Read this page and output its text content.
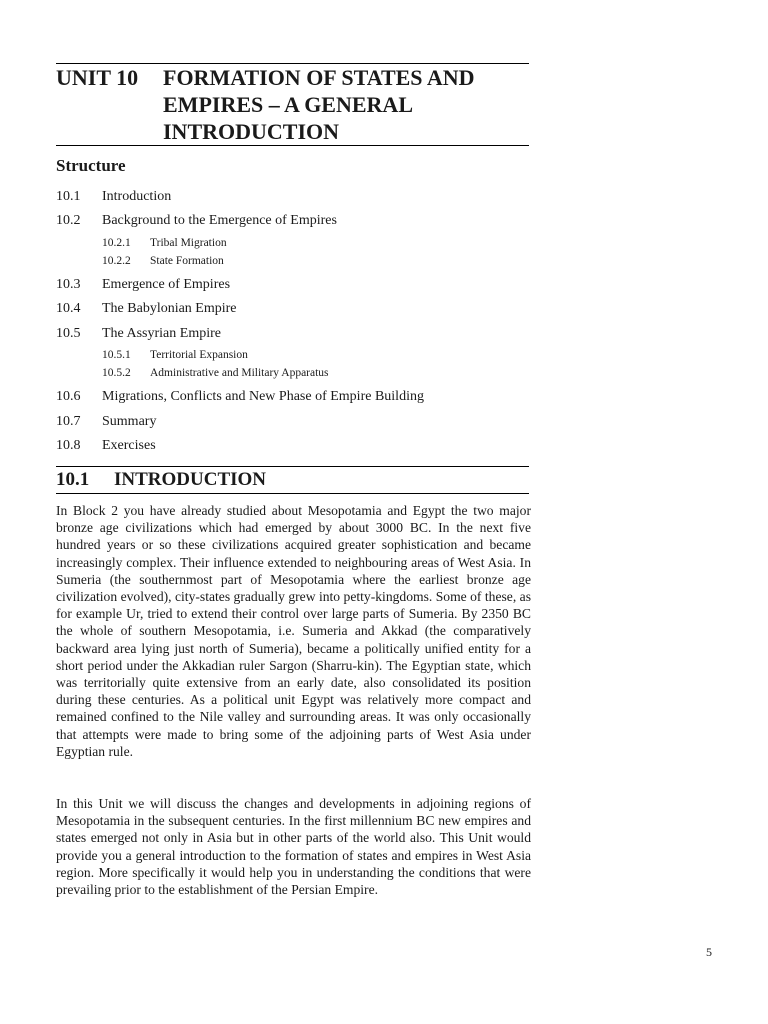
UNIT 10 FORMATION OF STATES AND EMPIRES – A GENERAL INTRODUCTION
Structure
10.1 Introduction
10.2 Background to the Emergence of Empires
10.2.1 Tribal Migration
10.2.2 State Formation
10.3 Emergence of Empires
10.4 The Babylonian Empire
10.5 The Assyrian Empire
10.5.1 Territorial Expansion
10.5.2 Administrative and Military Apparatus
10.6 Migrations, Conflicts and New Phase of Empire Building
10.7 Summary
10.8 Exercises
10.1 INTRODUCTION

In Block 2 you have already studied about Mesopotamia and Egypt the two major bronze age civilizations which had emerged by about 3000 BC. In the next five hundred years or so these civilizations acquired greater sophistication and became increasingly complex. Their influence extended to neighbouring areas of West Asia. In Sumeria (the southernmost part of Mesopotamia where the earliest bronze age civilization evolved), city-states gradually grew into petty-kingdoms. Some of these, as for example Ur, tried to extend their control over large parts of Sumeria. By 2350 BC the whole of southern Mesopotamia, i.e. Sumeria and Akkad (the comparatively backward area lying just north of Sumeria), became a politically unified entity for a short period under the Akkadian ruler Sargon (Sharru-kin). The Egyptian state, which was territorially quite extensive from an early date, also consolidated its position during these centuries. As a political unit Egypt was relatively more compact and remained confined to the Nile valley and surrounding areas. It was only occasionally that attempts were made to bring some of the adjoining parts of West Asia under Egyptian rule.

In this Unit we will discuss the changes and developments in adjoining regions of Mesopotamia in the subsequent centuries. In the first millennium BC new empires and states emerged not only in Asia but in other parts of the world also. This Unit would provide you a general introduction to the formation of states and empires in West Asia region. More specifically it would help you in understanding the conditions that were prevailing prior to the establishment of the Persian Empire.

5
